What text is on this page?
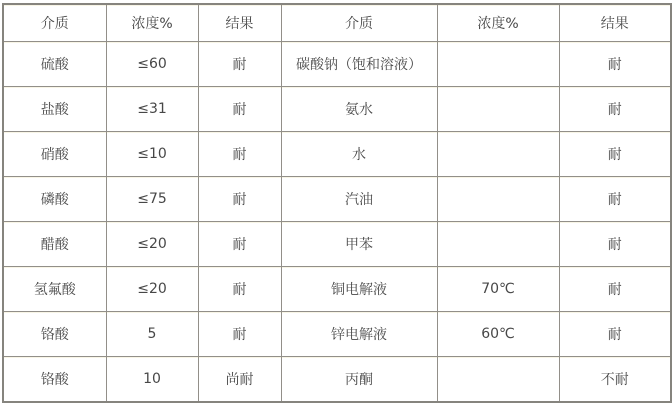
介质	浓度%	结果	介质	浓度%	结果
硫酸	≤60	耐	碳酸钠（饱和溶液）		耐
盐酸	≤31	耐	氨水		耐
硝酸	≤10	耐	水		耐
磷酸	≤75	耐	汽油		耐
醋酸	≤20	耐	甲苯		耐
氢氟酸	≤20	耐	铜电解液	70℃	耐
铬酸	5	耐	锌电解液	60℃	耐
铬酸	10	尚耐	丙酮		不耐
